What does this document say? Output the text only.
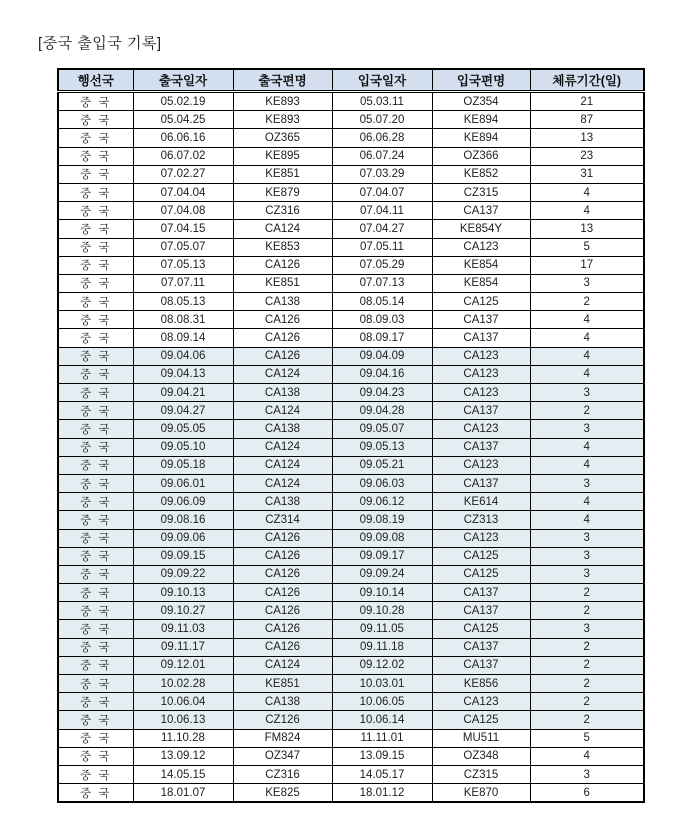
[중국 출입국 기록]
행선국	출국일자	출국편명	입국일자	입국편명	체류기간(일)
중 국	05.02.19	KE893	05.03.11	OZ354	21
중 국	05.04.25	KE893	05.07.20	KE894	87
중 국	06.06.16	OZ365	06.06.28	KE894	13
중 국	06.07.02	KE895	06.07.24	OZ366	23
중 국	07.02.27	KE851	07.03.29	KE852	31
중 국	07.04.04	KE879	07.04.07	CZ315	4
중 국	07.04.08	CZ316	07.04.11	CA137	4
중 국	07.04.15	CA124	07.04.27	KE854Y	13
중 국	07.05.07	KE853	07.05.11	CA123	5
중 국	07.05.13	CA126	07.05.29	KE854	17
중 국	07.07.11	KE851	07.07.13	KE854	3
중 국	08.05.13	CA138	08.05.14	CA125	2
중 국	08.08.31	CA126	08.09.03	CA137	4
중 국	08.09.14	CA126	08.09.17	CA137	4
중 국	09.04.06	CA126	09.04.09	CA123	4
중 국	09.04.13	CA124	09.04.16	CA123	4
중 국	09.04.21	CA138	09.04.23	CA123	3
중 국	09.04.27	CA124	09.04.28	CA137	2
중 국	09.05.05	CA138	09.05.07	CA123	3
중 국	09.05.10	CA124	09.05.13	CA137	4
중 국	09.05.18	CA124	09.05.21	CA123	4
중 국	09.06.01	CA124	09.06.03	CA137	3
중 국	09.06.09	CA138	09.06.12	KE614	4
중 국	09.08.16	CZ314	09.08.19	CZ313	4
중 국	09.09.06	CA126	09.09.08	CA123	3
중 국	09.09.15	CA126	09.09.17	CA125	3
중 국	09.09.22	CA126	09.09.24	CA125	3
중 국	09.10.13	CA126	09.10.14	CA137	2
중 국	09.10.27	CA126	09.10.28	CA137	2
중 국	09.11.03	CA126	09.11.05	CA125	3
중 국	09.11.17	CA126	09.11.18	CA137	2
중 국	09.12.01	CA124	09.12.02	CA137	2
중 국	10.02.28	KE851	10.03.01	KE856	2
중 국	10.06.04	CA138	10.06.05	CA123	2
중 국	10.06.13	CZ126	10.06.14	CA125	2
중 국	11.10.28	FM824	11.11.01	MU511	5
중 국	13.09.12	OZ347	13.09.15	OZ348	4
중 국	14.05.15	CZ316	14.05.17	CZ315	3
중 국	18.01.07	KE825	18.01.12	KE870	6
